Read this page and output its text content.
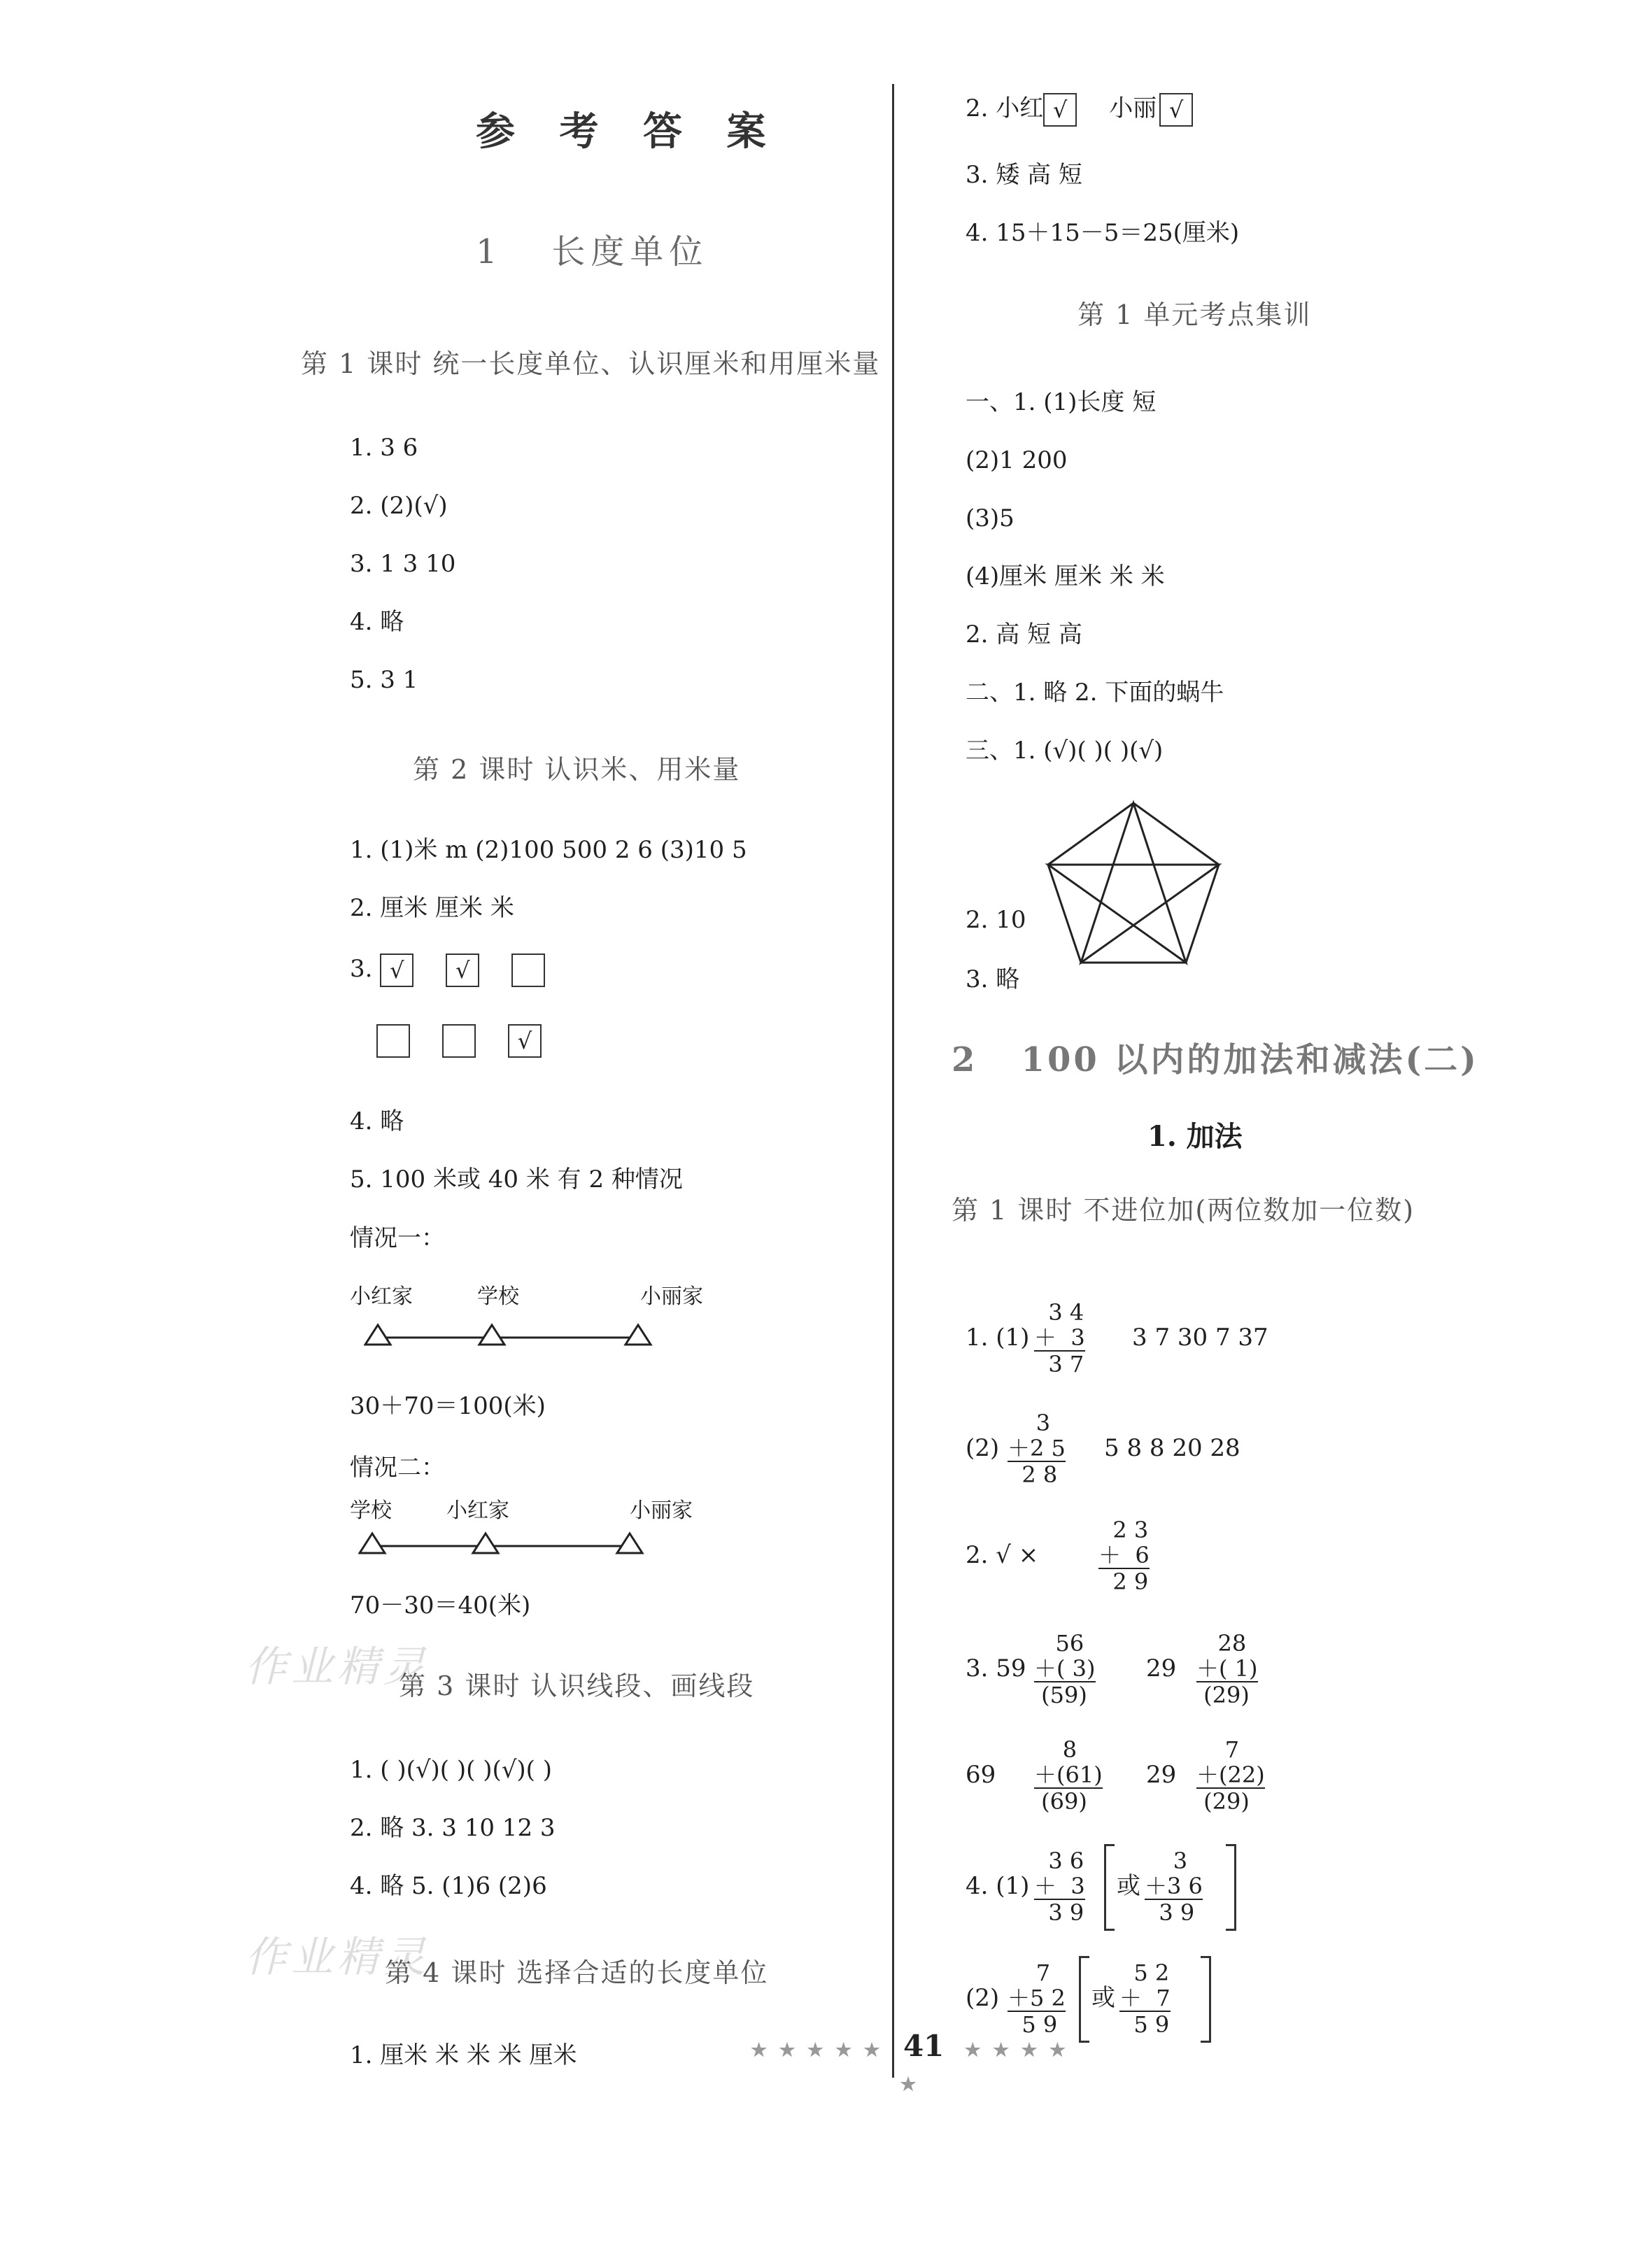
参 考 答 案
1 长度单位
第 1 课时 统一长度单位、认识厘米和用厘米量
1. 3 6
2. (2)(√)
3. 1 3 10
4. 略
5. 3 1
第 2 课时 认识米、用米量
1. (1)米 m (2)100 500 2 6 (3)10 5
2. 厘米 厘米 米
3. √ √
√
4. 略
5. 100 米或 40 米 有 2 种情况
情况一：
小红家	学校	小丽家
30＋70＝100(米)
情况二：
学校	小红家	小丽家
70－30＝40(米)
作业精灵
第 3 课时 认识线段、画线段
1. ( )(√)( )( )(√)( )
2. 略 3. 3 10 12 3
4. 略 5. (1)6 (2)6
作业精灵
第 4 课时 选择合适的长度单位
1. 厘米 米 米 米 厘米
2. 小红 √ 小丽 √
3. 矮 高 短
4. 15＋15－5＝25(厘米)
第 1 单元考点集训
一、1. (1)长度 短
(2)1 200
(3)5
(4)厘米 厘米 米 米
2. 高 短 高
二、1. 略 2. 下面的蜗牛
三、1. (√)( )( )(√)
2. 10
3. 略
2 100 以内的加法和减法(二)
1. 加法
第 1 课时 不进位加(两位数加一位数)
1. (1)
3 4
＋  3
3 7
3 7 30 7 37
(2)
3
＋2 5
2 8
5 8 8 20 28
2. √ ×
2 3
＋  6
2 9
3. 59
56
＋( 3)
(59)
29
28
＋( 1)
(29)
69
8
＋(61)
(69)
29
7
＋(22)
(29)
4. (1)
3 6
＋  3
3 9
或
3
＋3 6
3 9
(2)
7
＋5 2
5 9
或
5 2
＋  7
5 9
★ ★ ★ ★ ★ 41 ★ ★ ★ ★ ★
